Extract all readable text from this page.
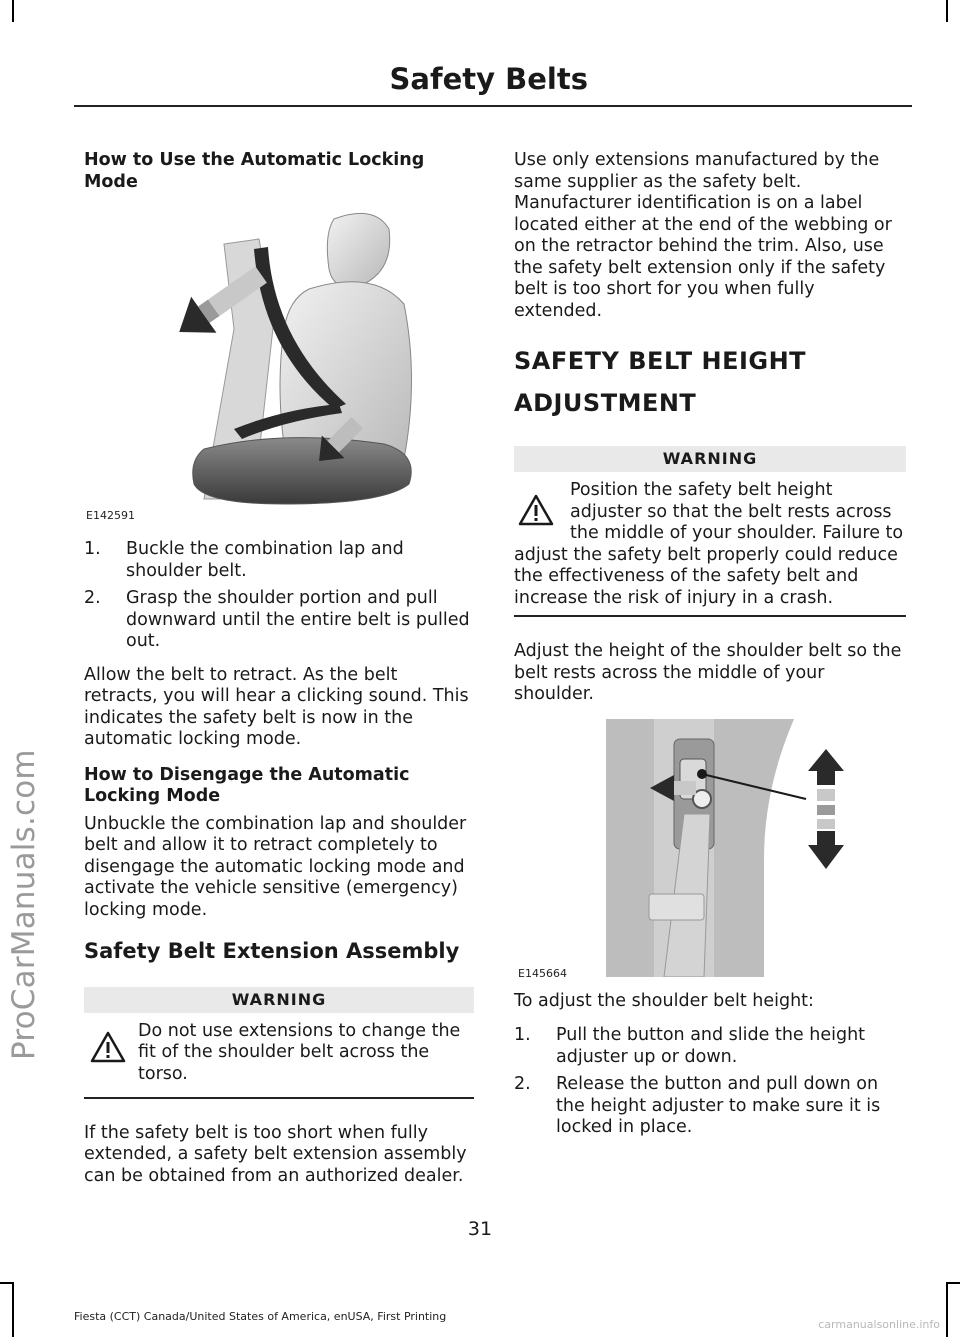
ProCarManuals.com
Safety Belts
How to Use the Automatic Locking Mode
E142591
1. Buckle the combination lap and shoulder belt.
2. Grasp the shoulder portion and pull downward until the entire belt is pulled out.

Allow the belt to retract. As the belt retracts, you will hear a clicking sound. This indicates the safety belt is now in the automatic locking mode.

How to Disengage the Automatic Locking Mode

Unbuckle the combination lap and shoulder belt and allow it to retract completely to disengage the automatic locking mode and activate the vehicle sensitive (emergency) locking mode.

Safety Belt Extension Assembly
WARNING
Do not use extensions to change the fit of the shoulder belt across the torso.

If the safety belt is too short when fully extended, a safety belt extension assembly can be obtained from an authorized dealer.

Use only extensions manufactured by the same supplier as the safety belt. Manufacturer identification is on a label located either at the end of the webbing or on the retractor behind the trim. Also, use the safety belt extension only if the safety belt is too short for you when fully extended.

SAFETY BELT HEIGHT
ADJUSTMENT
WARNING
Position the safety belt height adjuster so that the belt rests across the middle of your shoulder. Failure to adjust the safety belt properly could reduce the effectiveness of the safety belt and increase the risk of injury in a crash.

Adjust the height of the shoulder belt so the belt rests across the middle of your shoulder.

E145664

To adjust the shoulder belt height:

1. Pull the button and slide the height adjuster up or down.
2. Release the button and pull down on the height adjuster to make sure it is locked in place.
31
Fiesta (CCT) Canada/United States of America, enUSA, First Printing
carmanualsonline.info
